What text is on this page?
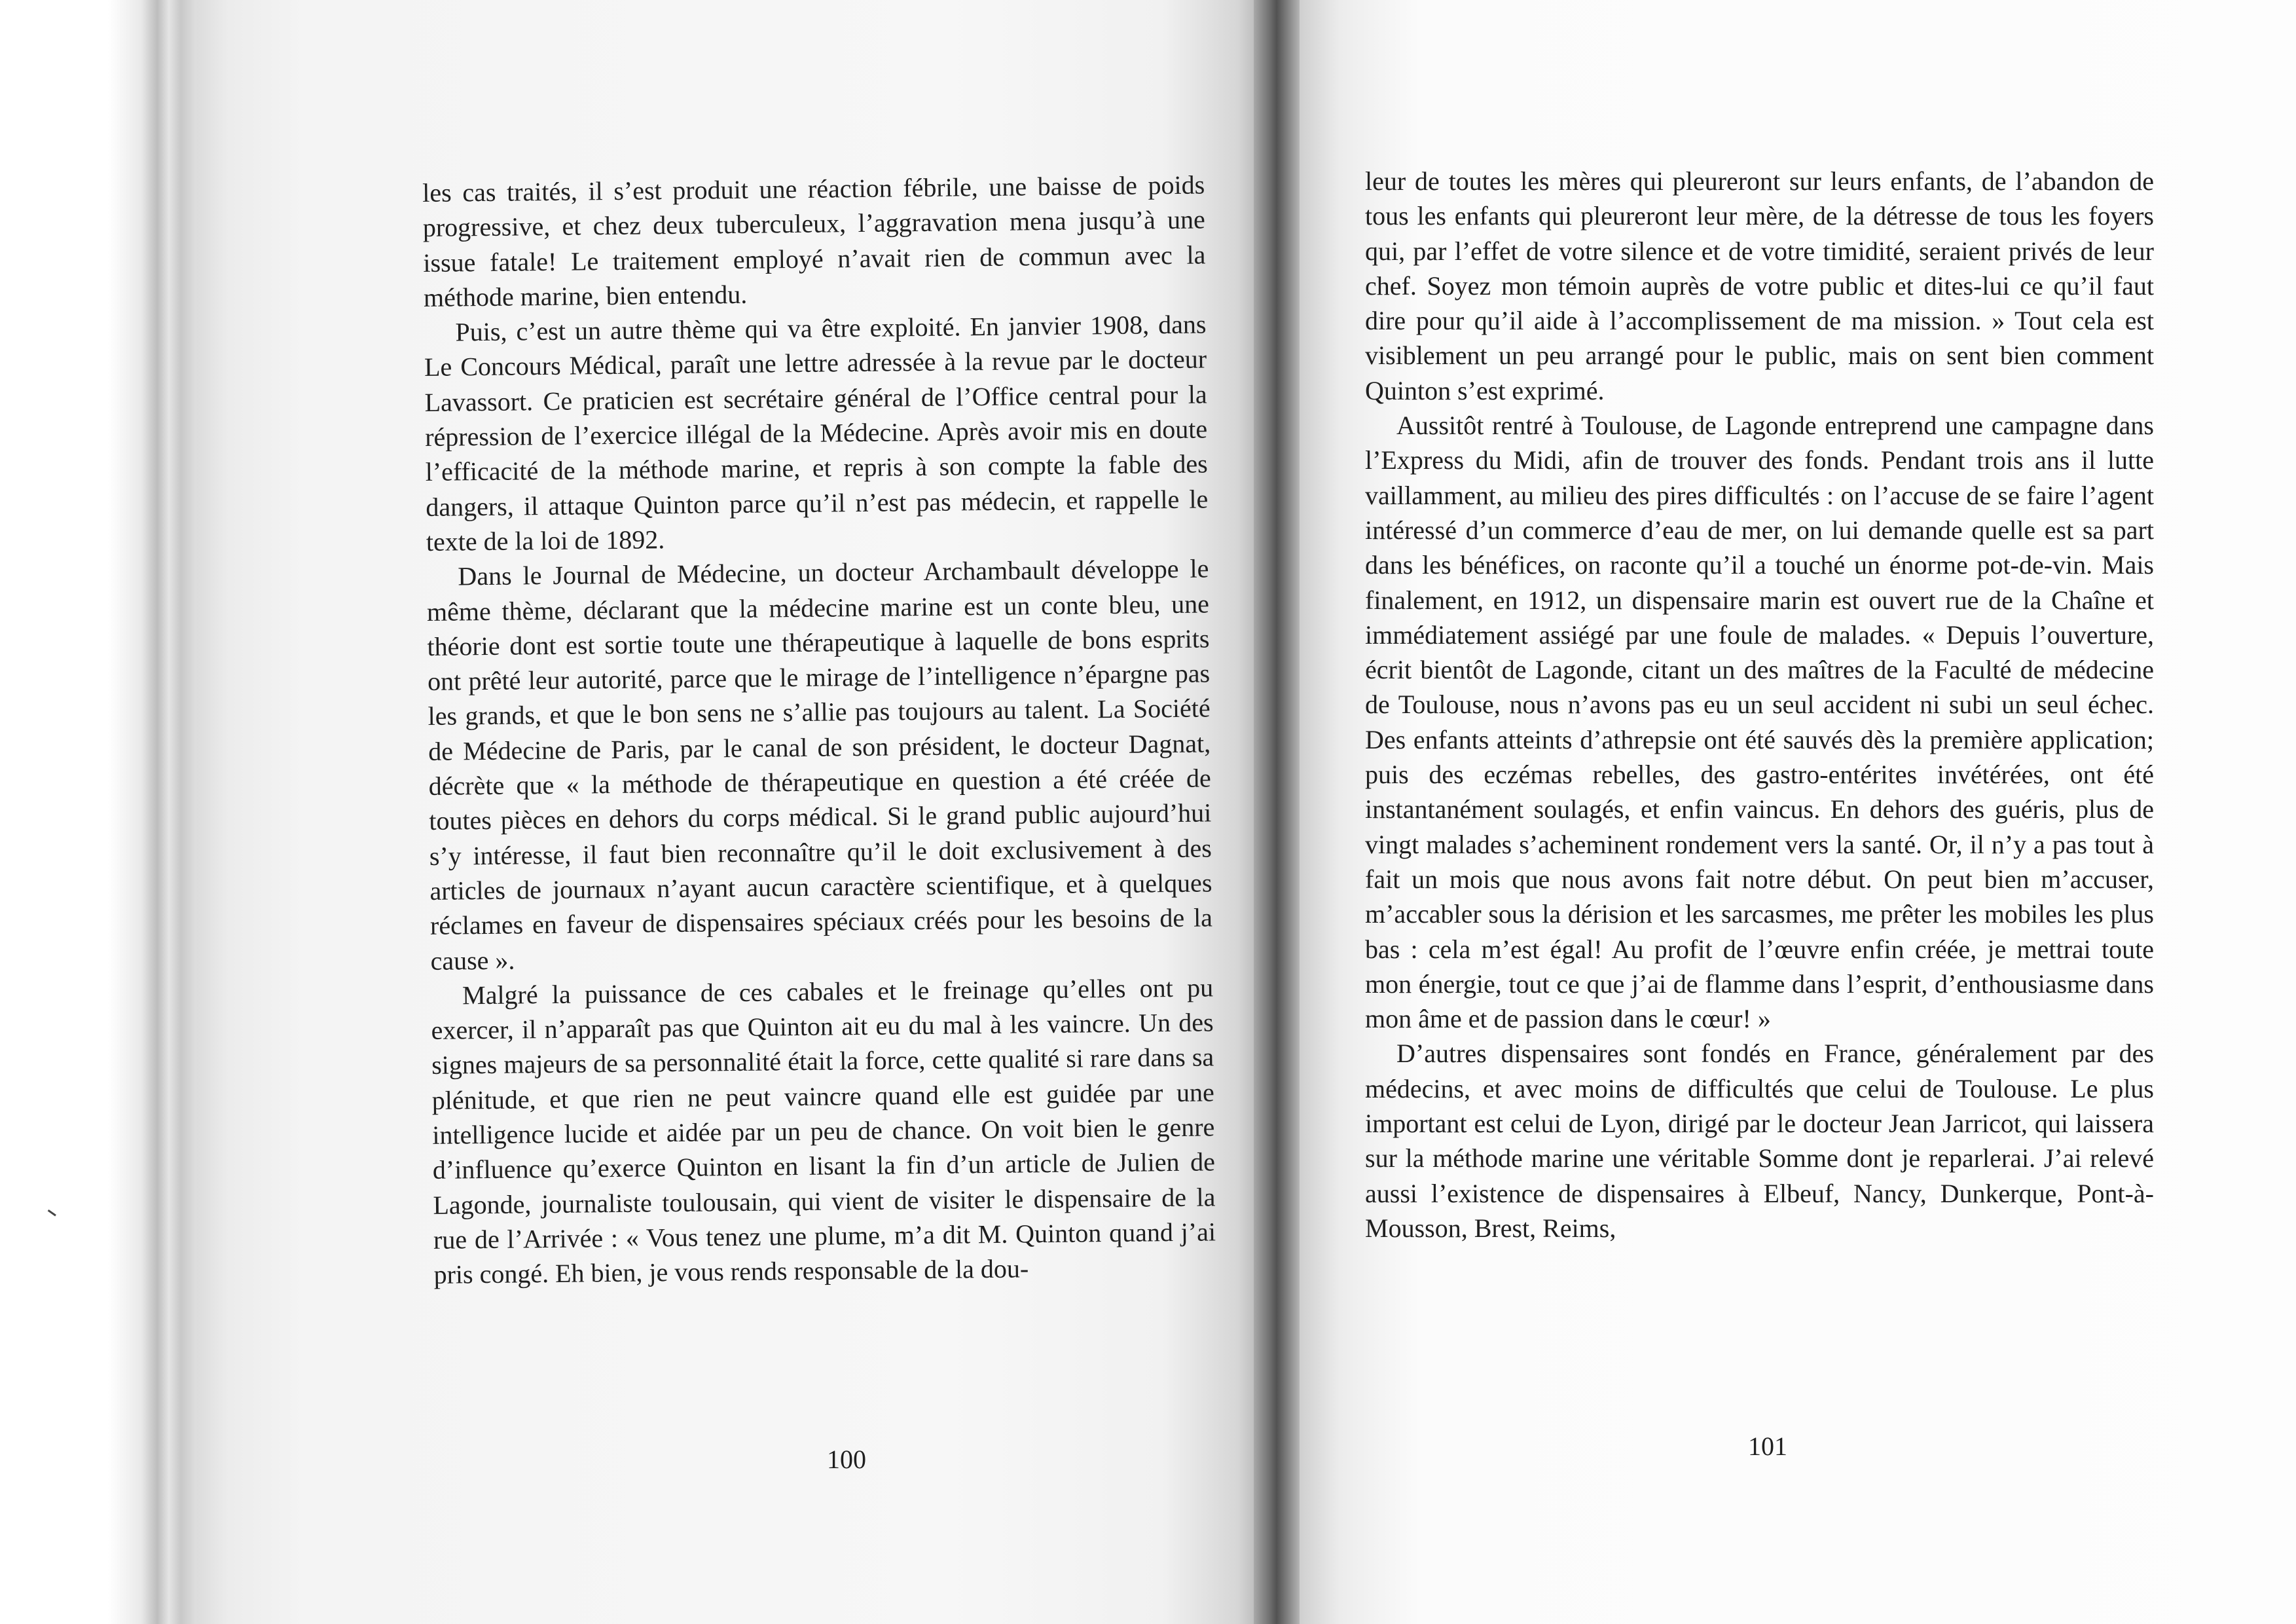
les cas traités, il s’est produit une réaction fébrile, une baisse de poids progressive, et chez deux tuberculeux, l’aggravation mena jusqu’à une issue fatale! Le traitement employé n’avait rien de commun avec la méthode marine, bien entendu.

Puis, c’est un autre thème qui va être exploité. En janvier 1908, dans Le Concours Médical, paraît une lettre adressée à la revue par le docteur Lavassort. Ce praticien est secrétaire général de l’Office central pour la répression de l’exercice illégal de la Médecine. Après avoir mis en doute l’efficacité de la méthode marine, et repris à son compte la fable des dangers, il attaque Quinton parce qu’il n’est pas médecin, et rappelle le texte de la loi de 1892.

Dans le Journal de Médecine, un docteur Archambault développe le même thème, déclarant que la médecine marine est un conte bleu, une théorie dont est sortie toute une thérapeutique à laquelle de bons esprits ont prêté leur autorité, parce que le mirage de l’intelligence n’épargne pas les grands, et que le bon sens ne s’allie pas toujours au talent. La Société de Médecine de Paris, par le canal de son président, le docteur Dagnat, décrète que « la méthode de thérapeutique en question a été créée de toutes pièces en dehors du corps médical. Si le grand public aujourd’hui s’y intéresse, il faut bien reconnaître qu’il le doit exclusivement à des articles de journaux n’ayant aucun caractère scientifique, et à quelques réclames en faveur de dispensaires spéciaux créés pour les besoins de la cause ».

Malgré la puissance de ces cabales et le freinage qu’elles ont pu exercer, il n’apparaît pas que Quinton ait eu du mal à les vaincre. Un des signes majeurs de sa personnalité était la force, cette qualité si rare dans sa plénitude, et que rien ne peut vaincre quand elle est guidée par une intelligence lucide et aidée par un peu de chance. On voit bien le genre d’influence qu’exerce Quinton en lisant la fin d’un article de Julien de Lagonde, journaliste toulousain, qui vient de visiter le dispensaire de la rue de l’Arrivée : « Vous tenez une plume, m’a dit M. Quinton quand j’ai pris congé. Eh bien, je vous rends responsable de la dou-

100

leur de toutes les mères qui pleureront sur leurs enfants, de l’abandon de tous les enfants qui pleureront leur mère, de la détresse de tous les foyers qui, par l’effet de votre silence et de votre timidité, seraient privés de leur chef. Soyez mon témoin auprès de votre public et dites-lui ce qu’il faut dire pour qu’il aide à l’accomplissement de ma mission. » Tout cela est visiblement un peu arrangé pour le public, mais on sent bien comment Quinton s’est exprimé.

Aussitôt rentré à Toulouse, de Lagonde entreprend une campagne dans l’Express du Midi, afin de trouver des fonds. Pendant trois ans il lutte vaillamment, au milieu des pires difficultés : on l’accuse de se faire l’agent intéressé d’un commerce d’eau de mer, on lui demande quelle est sa part dans les bénéfices, on raconte qu’il a touché un énorme pot-de-vin. Mais finalement, en 1912, un dispensaire marin est ouvert rue de la Chaîne et immédiatement assiégé par une foule de malades. « Depuis l’ouverture, écrit bientôt de Lagonde, citant un des maîtres de la Faculté de médecine de Toulouse, nous n’avons pas eu un seul accident ni subi un seul échec. Des enfants atteints d’athrepsie ont été sauvés dès la première application; puis des eczémas rebelles, des gastro-entérites invétérées, ont été instantanément soulagés, et enfin vaincus. En dehors des guéris, plus de vingt malades s’acheminent rondement vers la santé. Or, il n’y a pas tout à fait un mois que nous avons fait notre début. On peut bien m’accuser, m’accabler sous la dérision et les sarcasmes, me prêter les mobiles les plus bas : cela m’est égal! Au profit de l’œuvre enfin créée, je mettrai toute mon énergie, tout ce que j’ai de flamme dans l’esprit, d’enthousiasme dans mon âme et de passion dans le cœur! »

D’autres dispensaires sont fondés en France, généralement par des médecins, et avec moins de difficultés que celui de Toulouse. Le plus important est celui de Lyon, dirigé par le docteur Jean Jarricot, qui laissera sur la méthode marine une véritable Somme dont je reparlerai. J’ai relevé aussi l’existence de dispensaires à Elbeuf, Nancy, Dunkerque, Pont-à-Mousson, Brest, Reims,

101
